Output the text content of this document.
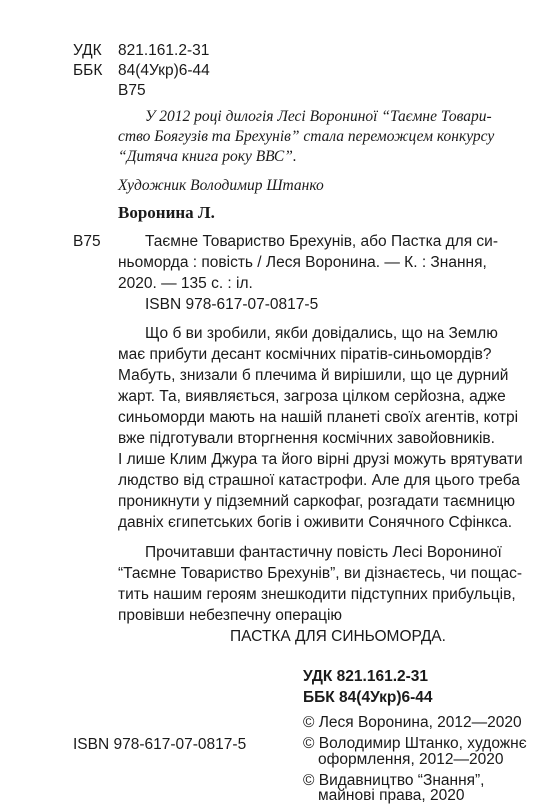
УДК 821.161.2-31

ББК 84(4Укр)6-44

В75

У 2012 році дилогія Лесі Ворониної “Таємне Товари-

ство Боягузів та Брехунів” стала переможцем конкурсу

“Дитяча книга року ВВС”.

Художник Володимир Штанко

Воронина Л.

В75	Таємне Товариство Брехунів, або Пастка для си-

ньоморда : повість / Леся Воронина. — К. : Знання,

2020. — 135 с. : іл.

ISBN 978-617-07-0817-5

Що б ви зробили, якби довідались, що на Землю

має прибути десант космічних піратів-синьомордів?

Мабуть, знизали б плечима й вирішили, що це дурний

жарт. Та, виявляється, загроза цілком серйозна, адже

синьоморди мають на нашій планеті своїх агентів, котрі

вже підготували вторгнення космічних завойовників.

І лише Клим Джура та його вірні друзі можуть врятувати

людство від страшної катастрофи. Але для цього треба

проникнути у підземний саркофаг, розгадати таємницю

давніх єгипетських богів і оживити Сонячного Сфінкса.

Прочитавши фантастичну повість Лесі Ворониної

“Таємне Товариство Брехунів”, ви дізнаєтесь, чи пощас-

тить нашим героям знешкодити підступних прибульців,

провівши небезпечну операцію

ПАСТКА ДЛЯ СИНЬОМОРДА.

УДК 821.161.2-31

ББК 84(4Укр)6-44

© Леся Воронина, 2012—2020

© Володимир Штанко, художнє

оформлення, 2012—2020

© Видавництво “Знання”,

майнові права, 2020

ISBN 978-617-07-0817-5
